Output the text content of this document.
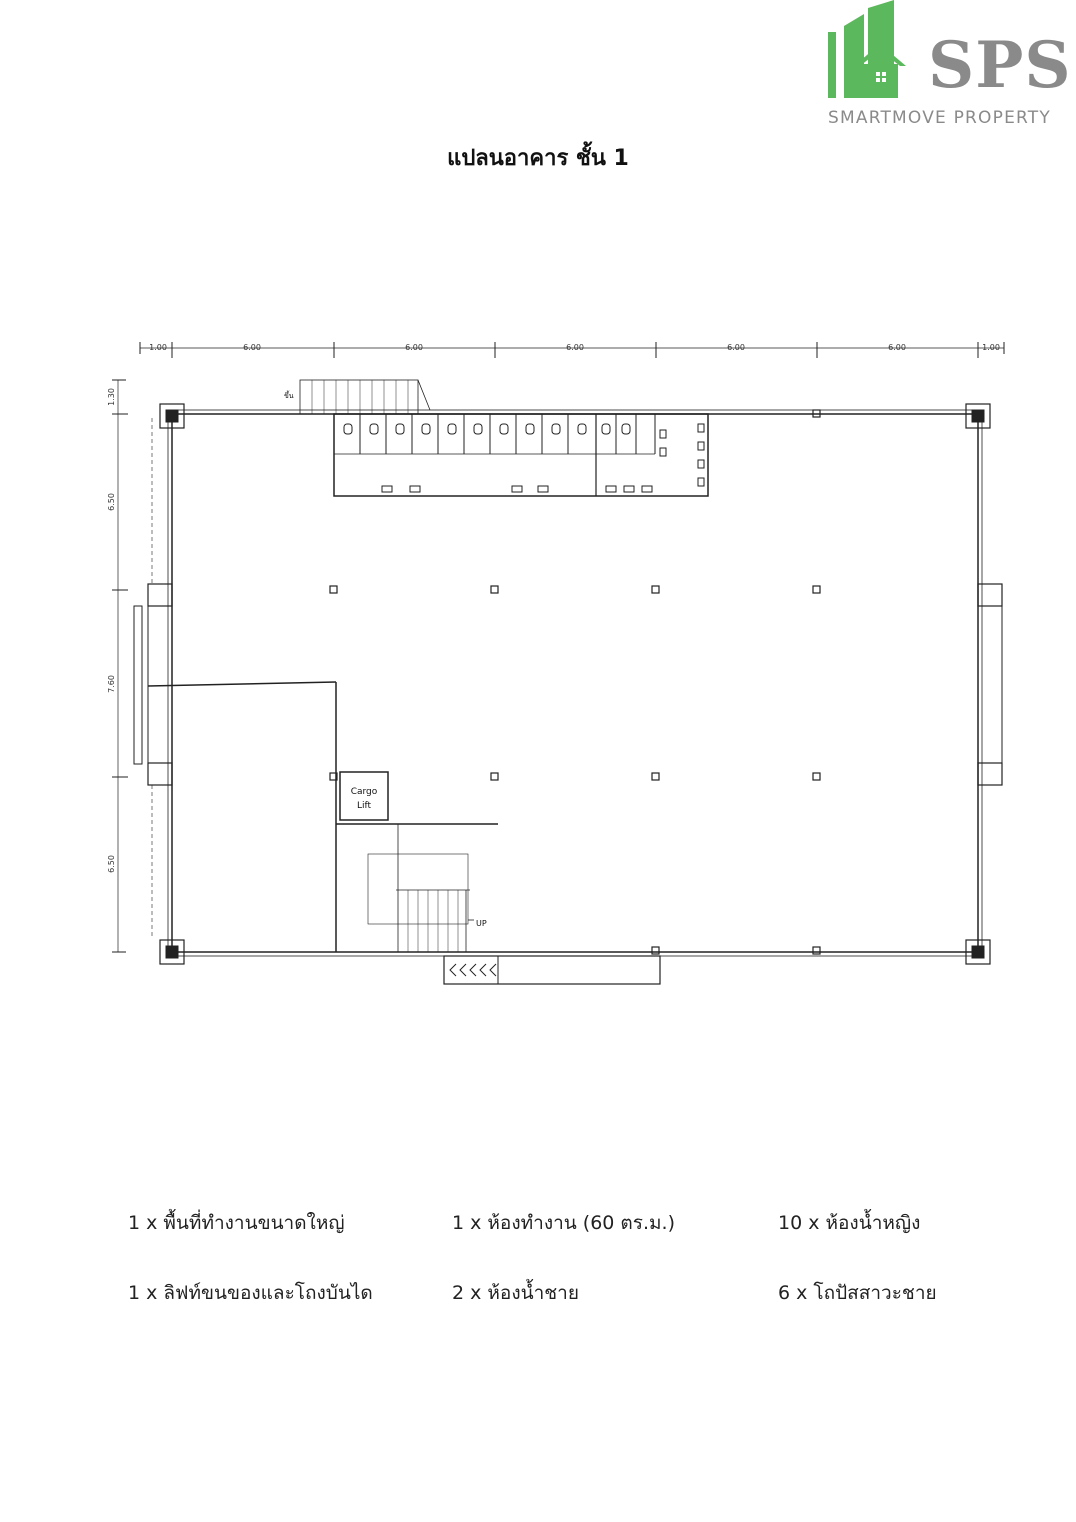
SPS
SMARTMOVE PROPERTY
แปลนอาคาร ชั้น 1
1.00	6.00	6.00	6.00	6.00	6.00	1.00
1.30
6.50
7.60
6.50
Cargo
Lift
UP
ขึ้น
1 x พื้นที่ทำงานขนาดใหญ่	1 x ห้องทำงาน (60 ตร.ม.)	10 x ห้องน้ำหญิง
1 x ลิฟท์ขนของและโถงบันได	2 x ห้องน้ำชาย	6 x โถปัสสาวะชาย
